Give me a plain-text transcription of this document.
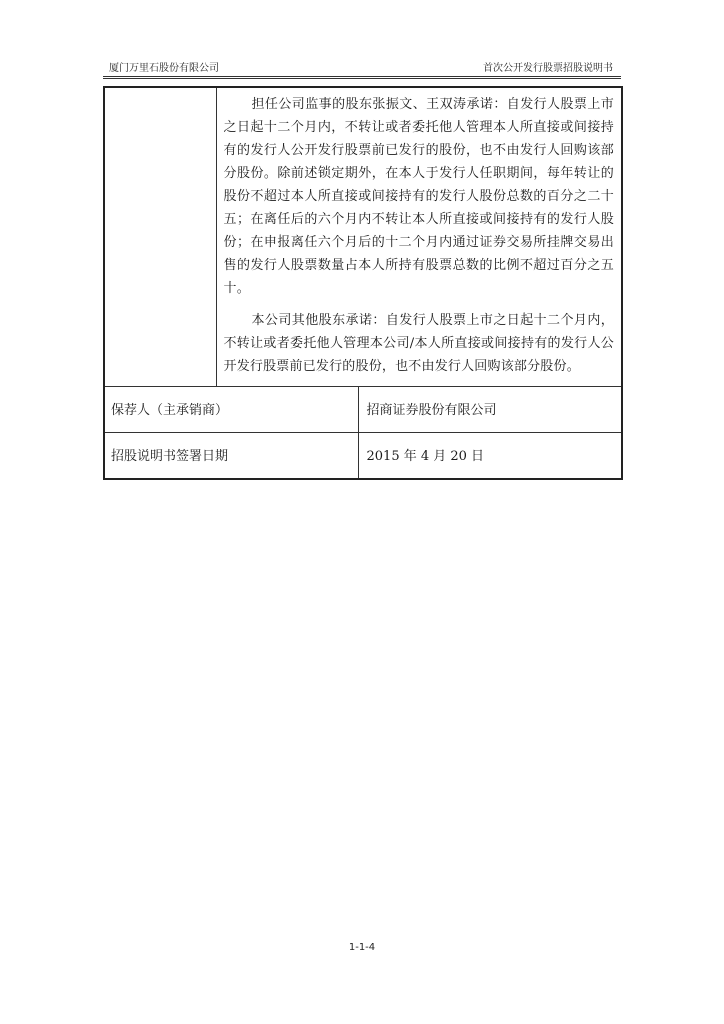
厦门万里石股份有限公司	首次公开发行股票招股说明书

	担任公司监事的股东张振文、王双涛承诺：自发行人股票上市之日起十二个月内，不转让或者委托他人管理本人所直接或间接持有的发行人公开发行股票前已发行的股份，也不由发行人回购该部分股份。除前述锁定期外，在本人于发行人任职期间，每年转让的股份不超过本人所直接或间接持有的发行人股份总数的百分之二十五；在离任后的六个月内不转让本人所直接或间接持有的发行人股份；在申报离任六个月后的十二个月内通过证券交易所挂牌交易出售的发行人股票数量占本人所持有股票总数的比例不超过百分之五十。

本公司其他股东承诺：自发行人股票上市之日起十二个月内，不转让或者委托他人管理本公司/本人所直接或间接持有的发行人公开发行股票前已发行的股份，也不由发行人回购该部分股份。	

保荐人（主承销商）		招商证券股份有限公司
招股说明书签署日期		2015 年 4 月 20 日
1-1-4
